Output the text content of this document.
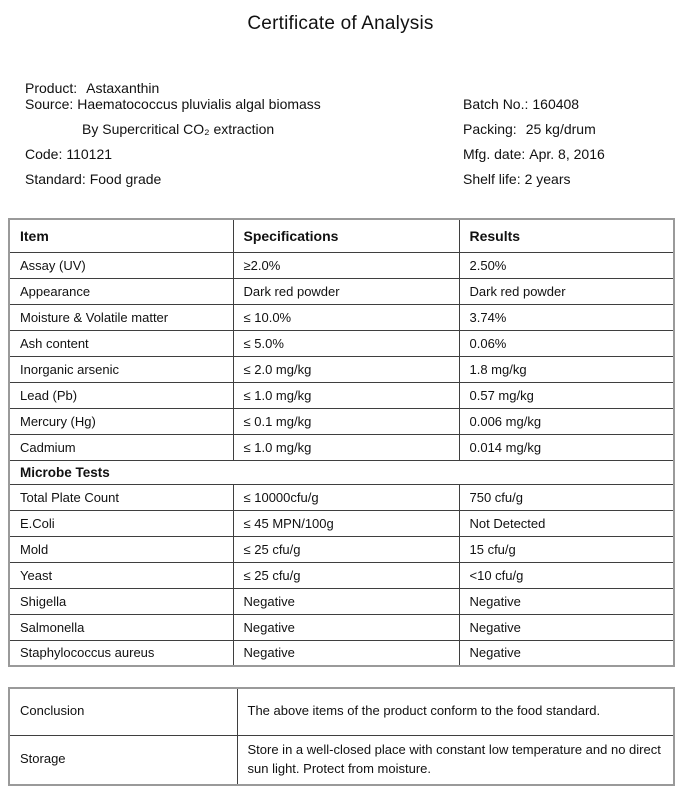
Certificate of Analysis
Product: Astaxanthin
Source: Haematococcus pluvialis algal biomass
By Supercritical CO₂ extraction
Code: 110121
Standard: Food grade
Batch No.: 160408
Packing: 25 kg/drum
Mfg. date: Apr. 8, 2016
Shelf life: 2 years
Item	Specifications	Results
Assay (UV)	≥2.0%	2.50%
Appearance	Dark red powder	Dark red powder
Moisture & Volatile matter	≤ 10.0%	3.74%
Ash content	≤ 5.0%	0.06%
Inorganic arsenic	≤ 2.0 mg/kg	1.8 mg/kg
Lead (Pb)	≤ 1.0 mg/kg	0.57 mg/kg
Mercury (Hg)	≤ 0.1 mg/kg	0.006 mg/kg
Cadmium	≤ 1.0 mg/kg	0.014 mg/kg
Microbe Tests		
Total Plate Count	≤ 10000cfu/g	750 cfu/g
E.Coli	≤ 45 MPN/100g	Not Detected
Mold	≤ 25 cfu/g	15 cfu/g
Yeast	≤ 25 cfu/g	<10 cfu/g
Shigella	Negative	Negative
Salmonella	Negative	Negative
Staphylococcus aureus	Negative	Negative
Conclusion	The above items of the product conform to the food standard.
Storage	Store in a well-closed place with constant low temperature and no direct sun light. Protect from moisture.
